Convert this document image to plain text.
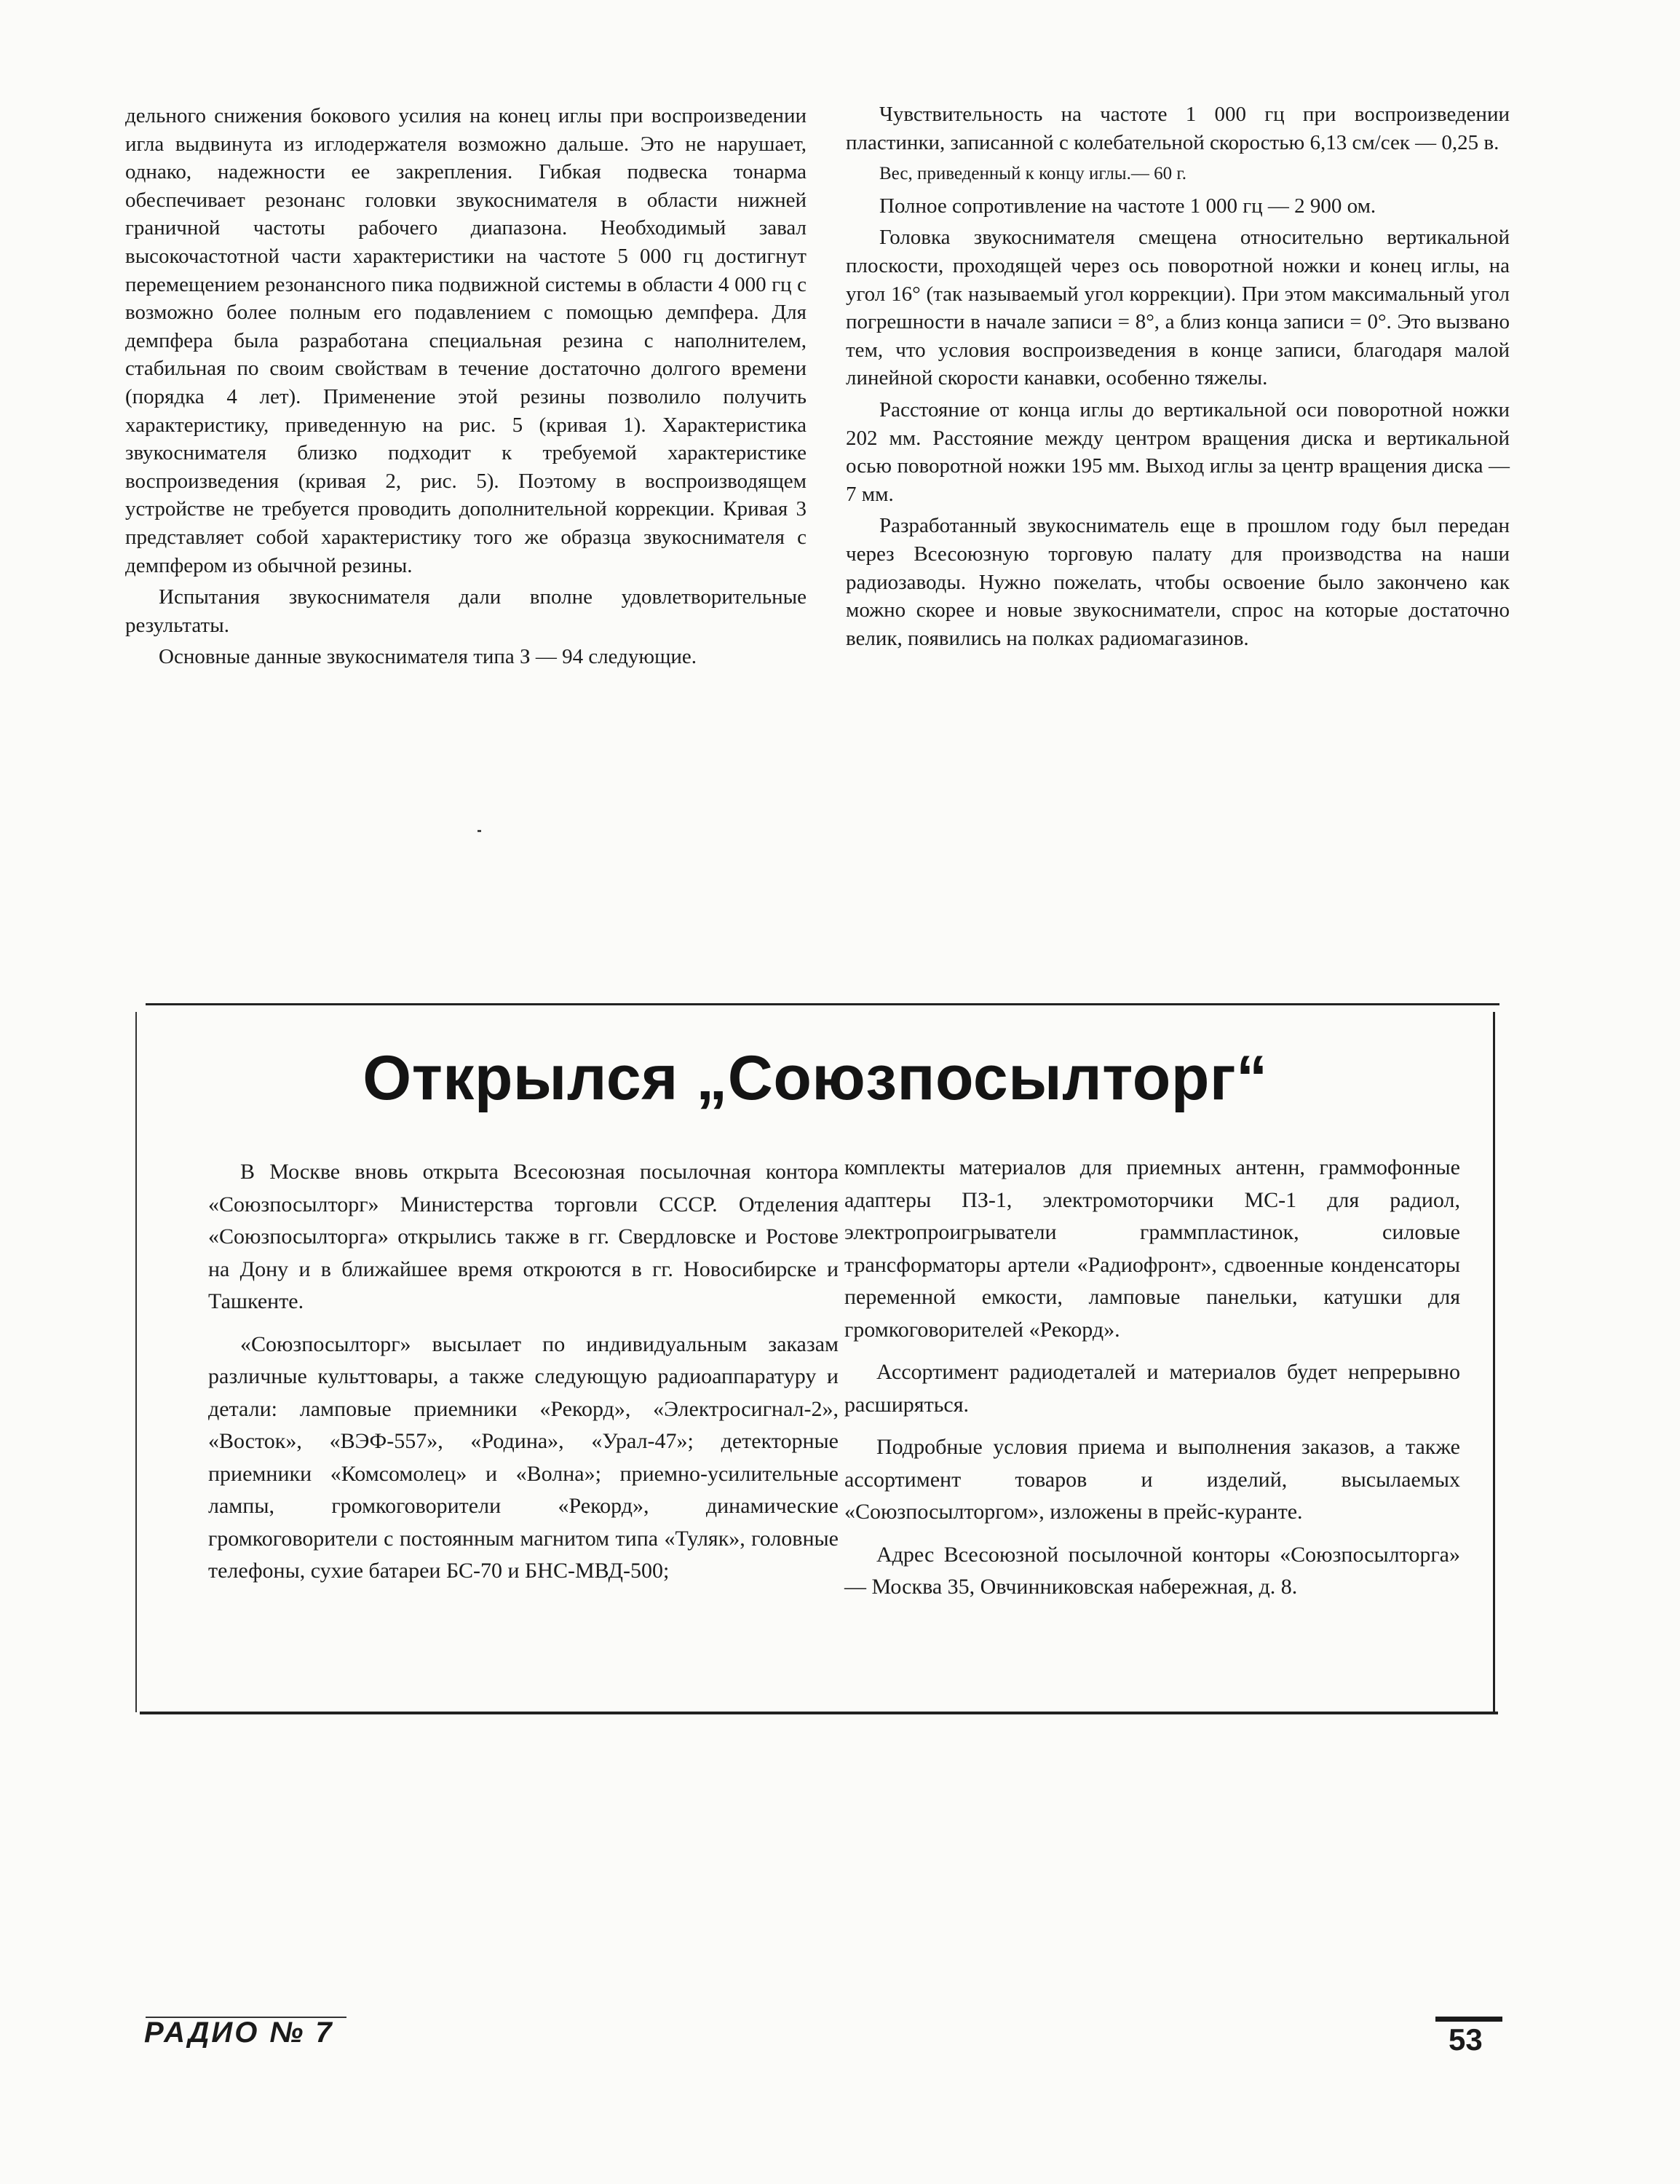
дельного снижения бокового усилия на конец иглы при воспроизведении игла выдвинута из иглодержателя возможно дальше. Это не нарушает, однако, надежности ее закрепления. Гибкая подвеска тонарма обеспечивает резонанс головки звукоснимателя в области нижней граничной частоты рабочего диапазона. Необходимый завал высокочастотной части характеристики на частоте 5 000 гц достигнут перемещением резонансного пика подвижной системы в области 4 000 гц с возможно более полным его подавлением с помощью демпфера. Для демпфера была разработана специальная резина с наполнителем, стабильная по своим свойствам в течение достаточно долгого времени (порядка 4 лет). Применение этой резины позволило получить характеристику, приведенную на рис. 5 (кривая 1). Характеристика звукоснимателя близко подходит к требуемой характеристике воспроизведения (кривая 2, рис. 5). Поэтому в воспроизводящем устройстве не требуется проводить дополнительной коррекции. Кривая 3 представляет собой характеристику того же образца звукоснимателя с демпфером из обычной резины.

Испытания звукоснимателя дали вполне удовлетворительные результаты.

Основные данные звукоснимателя типа З — 94 следующие.

Чувствительность на частоте 1 000 гц при воспроизведении пластинки, записанной с колебательной скоростью 6,13 см/сек — 0,25 в.

Вес, приведенный к концу иглы.— 60 г.

Полное сопротивление на частоте 1 000 гц — 2 900 ом.

Головка звукоснимателя смещена относительно вертикальной плоскости, проходящей через ось поворотной ножки и конец иглы, на угол 16° (так называемый угол коррекции). При этом максимальный угол погрешности в начале записи = 8°, а близ конца записи = 0°. Это вызвано тем, что условия воспроизведения в конце записи, благодаря малой линейной скорости канавки, особенно тяжелы.

Расстояние от конца иглы до вертикальной оси поворотной ножки 202 мм. Расстояние между центром вращения диска и вертикальной осью поворотной ножки 195 мм. Выход иглы за центр вращения диска — 7 мм.

Разработанный звукосниматель еще в прошлом году был передан через Всесоюзную торговую палату для производства на наши радиозаводы. Нужно пожелать, чтобы освоение было закончено как можно скорее и новые звукосниматели, спрос на которые достаточно велик, появились на полках радиомагазинов.

Открылся „Союзпосылторг“

В Москве вновь открыта Всесоюзная посылочная контора «Союзпосылторг» Министерства торговли СССР. Отделения «Союзпосылторга» открылись также в гг. Свердловске и Ростове на Дону и в ближайшее время откроются в гг. Новосибирске и Ташкенте.

«Союзпосылторг» высылает по индивидуальным заказам различные культтовары, а также следующую радиоаппаратуру и детали: ламповые приемники «Рекорд», «Электросигнал-2», «Восток», «ВЭФ-557», «Родина», «Урал-47»; детекторные приемники «Комсомолец» и «Волна»; приемно-усилительные лампы, громкоговорители «Рекорд», динамические громкоговорители с постоянным магнитом типа «Туляк», головные телефоны, сухие батареи БС-70 и БНС-МВД-500;

комплекты материалов для приемных антенн, граммофонные адаптеры ПЗ-1, электромоторчики МС-1 для радиол, электропроигрыватели граммпластинок, силовые трансформаторы артели «Радиофронт», сдвоенные конденсаторы переменной емкости, ламповые панельки, катушки для громкоговорителей «Рекорд».

Ассортимент радиодеталей и материалов будет непрерывно расширяться.

Подробные условия приема и выполнения заказов, а также ассортимент товаров и изделий, высылаемых «Союзпосылторгом», изложены в прейс-куранте.

Адрес Всесоюзной посылочной конторы «Союзпосылторга» — Москва 35, Овчинниковская набережная, д. 8.

РАДИО № 7	53
